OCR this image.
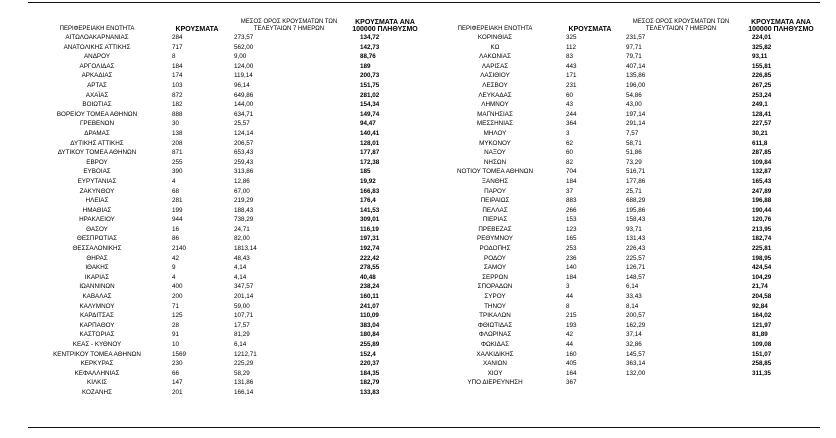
ΠΕΡΙΦΕΡΕΙΑΚΗ ΕΝΟΤΗΤΑ	ΚΡΟΥΣΜΑΤΑ	ΜΕΣΟΣ ΟΡΟΣ ΚΡΟΥΣΜΑΤΩΝ ΤΩΝ ΤΕΛΕΥΤΑΙΩΝ 7 ΗΜΕΡΩΝ	ΚΡΟΥΣΜΑΤΑ ΑΝΑ 100000 ΠΛΗΘΥΣΜΟ
ΑΙΤΩΛΟΑΚΑΡΝΑΝΙΑΣ	284	273,57	134,72
ΑΝΑΤΟΛΙΚΗΣ ΑΤΤΙΚΗΣ	717	562,00	142,73
ΑΝΔΡΟΥ	8	9,00	88,76
ΑΡΓΟΛΙΔΑΣ	184	124,00	189
ΑΡΚΑΔΙΑΣ	174	119,14	200,73
ΑΡΤΑΣ	103	96,14	151,75
ΑΧΑΪΑΣ	872	649,86	281,02
ΒΟΙΩΤΙΑΣ	182	144,00	154,34
ΒΟΡΕΙΟΥ ΤΟΜΕΑ ΑΘΗΝΩΝ	888	634,71	149,74
ΓΡΕΒΕΝΩΝ	30	25,57	94,47
ΔΡΑΜΑΣ	138	124,14	140,41
ΔΥΤΙΚΗΣ ΑΤΤΙΚΗΣ	208	206,57	128,01
ΔΥΤΙΚΟΥ ΤΟΜΕΑ ΑΘΗΝΩΝ	871	653,43	177,87
ΕΒΡΟΥ	255	259,43	172,38
ΕΥΒΟΙΑΣ	390	313,86	185
ΕΥΡΥΤΑΝΙΑΣ	4	12,86	19,92
ΖΑΚΥΝΘΟΥ	68	67,00	166,83
ΗΛΕΙΑΣ	281	219,29	176,4
ΗΜΑΘΙΑΣ	199	188,43	141,53
ΗΡΑΚΛΕΙΟΥ	944	738,29	309,01
ΘΑΣΟΥ	16	24,71	116,19
ΘΕΣΠΡΩΤΙΑΣ	86	82,00	197,31
ΘΕΣΣΑΛΟΝΙΚΗΣ	2140	1813,14	192,74
ΘΗΡΑΣ	42	48,43	222,42
ΙΘΑΚΗΣ	9	4,14	278,55
ΙΚΑΡΙΑΣ	4	4,14	40,48
ΙΩΑΝΝΙΝΩΝ	400	347,57	238,24
ΚΑΒΑΛΑΣ	200	201,14	160,11
ΚΑΛΥΜΝΟΥ	71	59,00	241,07
ΚΑΡΔΙΤΣΑΣ	125	107,71	110,09
ΚΑΡΠΑΘΟΥ	28	17,57	383,04
ΚΑΣΤΟΡΙΑΣ	91	81,29	180,84
ΚΕΑΣ - ΚΥΘΝΟΥ	10	6,14	255,89
ΚΕΝΤΡΙΚΟΥ ΤΟΜΕΑ ΑΘΗΝΩΝ	1569	1212,71	152,4
ΚΕΡΚΥΡΑΣ	230	225,29	220,37
ΚΕΦΑΛΛΗΝΙΑΣ	66	58,29	184,35
ΚΙΛΚΙΣ	147	131,86	182,79
ΚΟΖΑΝΗΣ	201	166,14	133,83
ΠΕΡΙΦΕΡΕΙΑΚΗ ΕΝΟΤΗΤΑ	ΚΡΟΥΣΜΑΤΑ	ΜΕΣΟΣ ΟΡΟΣ ΚΡΟΥΣΜΑΤΩΝ ΤΩΝ ΤΕΛΕΥΤΑΙΩΝ 7 ΗΜΕΡΩΝ	ΚΡΟΥΣΜΑΤΑ ΑΝΑ 100000 ΠΛΗΘΥΣΜΟ
ΚΟΡΙΝΘΙΑΣ	325	231,57	224,01
ΚΩ	112	97,71	325,82
ΛΑΚΩΝΙΑΣ	83	79,71	93,11
ΛΑΡΙΣΑΣ	443	407,14	155,81
ΛΑΣΙΘΙΟΥ	171	135,86	226,85
ΛΕΣΒΟΥ	231	196,00	267,25
ΛΕΥΚΑΔΑΣ	60	54,86	253,24
ΛΗΜΝΟΥ	43	43,00	249,1
ΜΑΓΝΗΣΙΑΣ	244	197,14	128,41
ΜΕΣΣΗΝΙΑΣ	364	291,14	227,57
ΜΗΛΟΥ	3	7,57	30,21
ΜΥΚΟΝΟΥ	62	58,71	611,8
ΝΑΞΟΥ	60	51,86	287,85
ΝΗΣΩΝ	82	73,29	109,84
ΝΟΤΙΟΥ ΤΟΜΕΑ ΑΘΗΝΩΝ	704	516,71	132,87
ΞΑΝΘΗΣ	184	177,86	165,43
ΠΑΡΟΥ	37	25,71	247,89
ΠΕΙΡΑΙΩΣ	883	688,29	196,88
ΠΕΛΛΑΣ	266	195,86	190,44
ΠΙΕΡΙΑΣ	153	158,43	120,76
ΠΡΕΒΕΖΑΣ	123	93,71	213,95
ΡΕΘΥΜΝΟΥ	165	131,43	182,74
ΡΟΔΟΠΗΣ	253	226,43	225,81
ΡΟΔΟΥ	236	225,57	198,95
ΣΑΜΟΥ	140	126,71	424,54
ΣΕΡΡΩΝ	184	148,57	104,29
ΣΠΟΡΑΔΩΝ	3	6,14	21,74
ΣΥΡΟΥ	44	33,43	204,58
ΤΗΝΟΥ	8	8,14	92,84
ΤΡΙΚΑΛΩΝ	215	200,57	164,02
ΦΘΙΩΤΙΔΑΣ	193	162,29	121,97
ΦΛΩΡΙΝΑΣ	42	37,14	81,89
ΦΩΚΙΔΑΣ	44	32,86	109,08
ΧΑΛΚΙΔΙΚΗΣ	160	145,57	151,07
ΧΑΝΙΩΝ	405	363,14	258,85
ΧΙΟΥ	164	132,00	311,35
ΥΠΟ ΔΙΕΡΕΥΝΗΣΗ	367		
